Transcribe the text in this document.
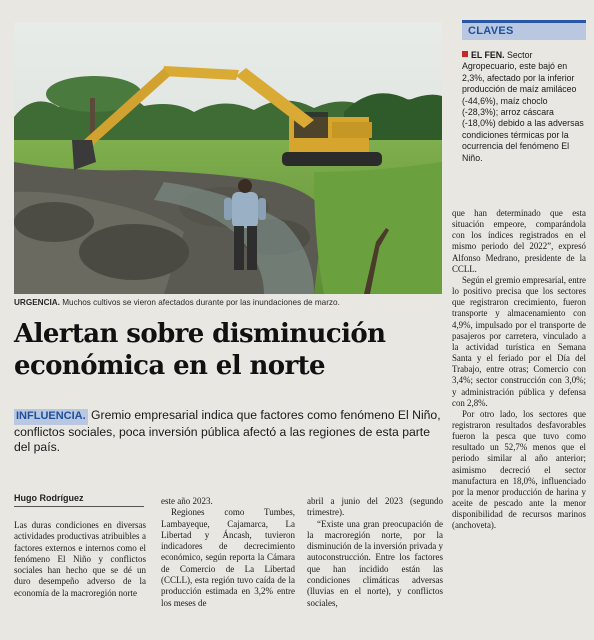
URGENCIA. Muchos cultivos se vieron afectados durante por las inundaciones de marzo.
CLAVES
EL FEN. Sector Agropecuario, este bajó en 2,3%, afectado por la inferior producción de maíz amiláceo (-44,6%), maíz choclo (-28,3%); arroz cáscara (-18,0%) debido a las adversas condiciones térmicas por la ocurrencia del fenómeno El Niño.

que han determinado que esta situación empeore, comparándola con los índices registrados en el mismo periodo del 2022”, expresó Alfonso Medrano, presidente de la CCLL.

Según el gremio empresarial, entre lo positivo precisa que los sectores que registraron crecimiento, fueron transporte y almacenamiento con 4,9%, impulsado por el transporte de pasajeros por carretera, vinculado a la actividad turística en Semana Santa y el feriado por el Día del Trabajo, entre otras; Comercio con 3,4%; sector construcción con 3,0%; y administración pública y defensa con 2,8%.

Por otro lado, los sectores que registraron resultados desfavorables fueron la pesca que tuvo como resultado un 52,7% menos que el periodo similar al año anterior; asimismo decreció el sector manufactura en 18,0%, influenciado por la menor producción de harina y aceite de pescado ante la menor disponibilidad de recursos marinos (anchoveta).

Alertan sobre disminución económica en el norte
INFLUENCIA. Gremio empresarial indica que factores como fenómeno El Niño, conflictos sociales, poca inversión pública afectó a las regiones de esta parte del país.
Hugo Rodríguez

Las duras condiciones en diversas actividades productivas atribuibles a factores externos e internos como el fenómeno El Niño y conflictos sociales han hecho que se dé un duro desempeño adverso de la economía de la macroregión norte

este año 2023.

Regiones como Tumbes, Lambayeque, Cajamarca, La Libertad y Áncash, tuvieron indicadores de decrecimiento económico, según reporta la Cámara de Comercio de La Libertad (CCLL), esta región tuvo caída de la producción estimada en 3,2% entre los meses de

abril a junio del 2023 (segundo trimestre).

“Existe una gran preocupación de la macroregión norte, por la disminución de la inversión privada y autoconstrucción. Entre los factores que han incidido están las condiciones climáticas adversas (lluvias en el norte), y conflictos sociales,
